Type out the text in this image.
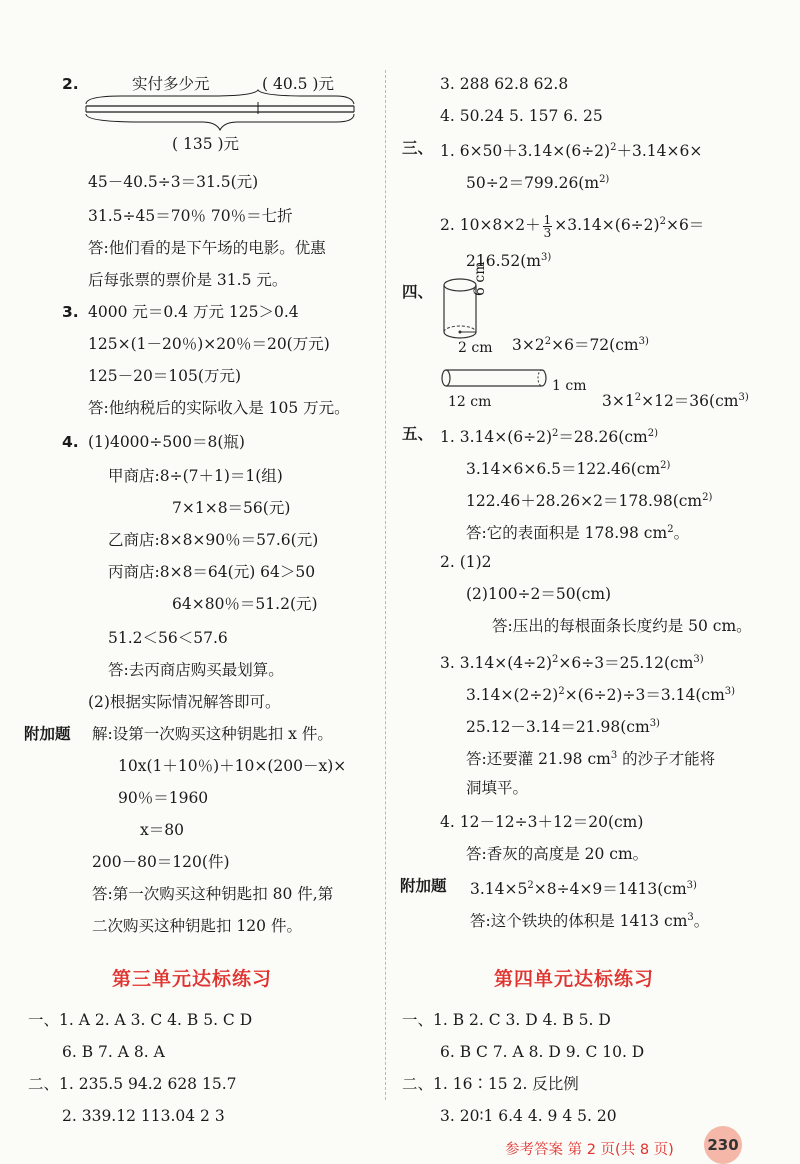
2.	实付多少元	( 40.5 )元
( 135 )元
45－40.5÷3＝31.5(元)
31.5÷45＝70％ 70％＝七折
答:他们看的是下午场的电影。优惠
后每张票的票价是 31.5 元。
3. 4000 元＝0.4 万元 125＞0.4
125×(1－20％)×20％＝20(万元)
125－20＝105(万元)
答:他纳税后的实际收入是 105 万元。
4. (1)4000÷500＝8(瓶)
甲商店:8÷(7＋1)＝1(组)
7×1×8＝56(元)
乙商店:8×8×90％＝57.6(元)
丙商店:8×8＝64(元) 64＞50
64×80％＝51.2(元)
51.2＜56＜57.6
答:去丙商店购买最划算。
(2)根据实际情况解答即可。
附加题 解:设第一次购买这种钥匙扣 x 件。
10x(1＋10％)＋10×(200－x)×
90％＝1960
x＝80
200－80＝120(件)
答:第一次购买这种钥匙扣 80 件,第
二次购买这种钥匙扣 120 件。
第三单元达标练习
一、1. A 2. A 3. C 4. B 5. C D
6. B 7. A 8. A
二、1. 235.5 94.2 628 15.7
2. 339.12 113.04 2 3
3. 288 62.8 62.8
4. 50.24 5. 157 6. 25
三、 1. $6\times 50+3.14\times(6\div 2)^2+3.14\times 6\times$
$50\div 2=799.26(m^{2)}$
2. $10\times 8\times 2+ \frac{1}{3} \times 3.14\times(6\div 2)^2\times 6=$
$216.52(m^{3)}$
四、	6 cm
2 cm $3\times 2^2\times 6=72(cm^{3)}$
1 cm
12 cm	$3\times 1^2\times 12=36(cm^{3)}$
五、 1. $3.14\times(6\div 2)^2=28.26(cm^{2)}$
$3.14\times 6\times 6.5=122.46(cm^{2)}$
$122.46+28.26\times 2=178.98(cm^{2)}$
答:它的表面积是 178.98 $cm^2$。
2. (1)2
(2)100÷2＝50(cm)
答:压出的每根面条长度约是 50 cm。
3. $3.14\times(4\div 2)^2\times 6\div 3=25.12(cm^{3)}$
$3.14\times(2\div 2)^2\times(6\div 2)\div 3=3.14(cm^{3)}$
$25.12-3.14=21.98(cm^{3)}$
答:还要灌 21.98 $cm^3$ 的沙子才能将
洞填平。
4. 12－12÷3＋12＝20(cm)
答:香灰的高度是 20 cm。
附加题 $3.14\times 5^2\times 8\div 4\times 9=1413(cm^{3)}$
答:这个铁块的体积是 1413 $cm^3$。
第四单元达标练习
一、1. B 2. C 3. D 4. B 5. D
6. B C 7. A 8. D 9. C 10. D
二、1. 16∶15 2. 反比例
3. 20∶1 6.4 4. 9 4 5. 20
参考答案 第 2 页(共 8 页) 230
